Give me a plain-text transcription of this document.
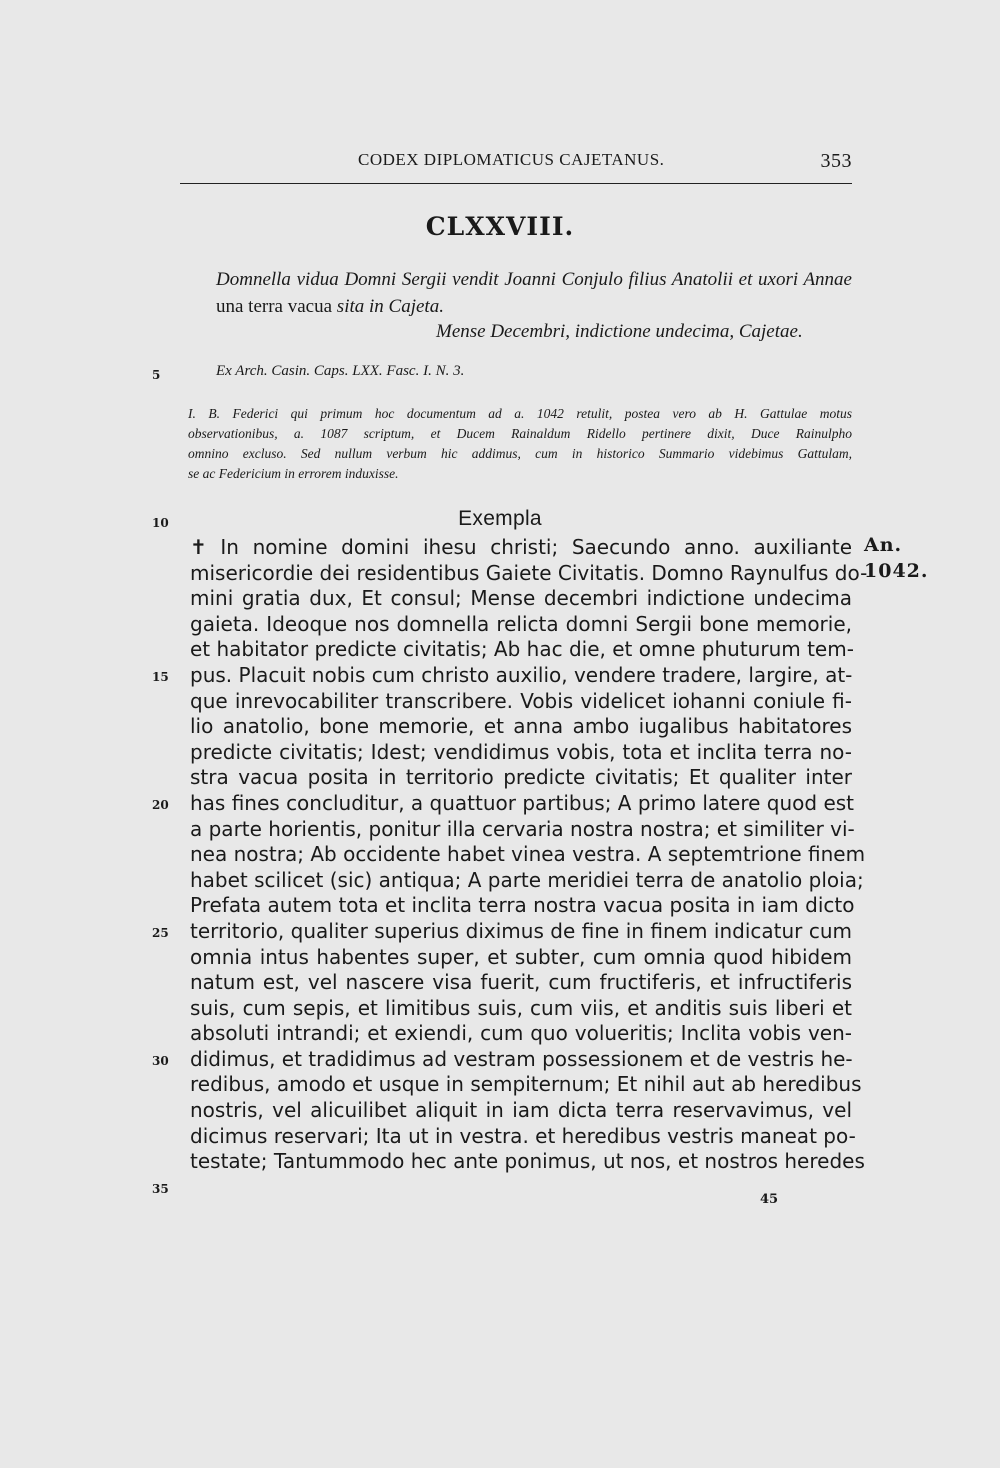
CODEX DIPLOMATICUS CAJETANUS.	353
CLXXVIII.
Domnella vidua Domni Sergii vendit Joanni Conjulo filius Anatolii et uxori Annae una terra vacua sita in Cajeta.
Mense Decembri, indictione undecima, Cajetae.
5	Ex Arch. Casin. Caps. LXX. Fasc. I. N. 3.
I. B. Federici qui primum hoc documentum ad a. 1042 retulit, postea vero ab H. Gattulae motus
observationibus, a. 1087 scriptum, et Ducem Rainaldum Ridello pertinere dixit, Duce Rainulpho
omnino excluso. Sed nullum verbum hic addimus, cum in historico Summario videbimus Gattulam,
se ac Federicium in errorem induxisse.
10	Exempla
An.
1042.
15
20
25
30
35
✝ In nomine domini ihesu christi; Saecundo anno. auxiliante
misericordie dei residentibus Gaiete Civitatis. Domno Raynulfus do-
mini gratia dux, Et consul; Mense decembri indictione undecima
gaieta. Ideoque nos domnella relicta domni Sergii bone memorie,
et habitator predicte civitatis; Ab hac die, et omne phuturum tem-
pus. Placuit nobis cum christo auxilio, vendere tradere, largire, at-
que inrevocabiliter transcribere. Vobis videlicet iohanni coniule fi-
lio anatolio, bone memorie, et anna ambo iugalibus habitatores
predicte civitatis; Idest; vendidimus vobis, tota et inclita terra no-
stra vacua posita in territorio predicte civitatis; Et qualiter inter
has fines concluditur, a quattuor partibus; A primo latere quod est
a parte horientis, ponitur illa cervaria nostra nostra; et similiter vi-
nea nostra; Ab occidente habet vinea vestra. A septemtrione finem
habet scilicet (sic) antiqua; A parte meridiei terra de anatolio ploia;
Prefata autem tota et inclita terra nostra vacua posita in iam dicto
territorio, qualiter superius diximus de fine in finem indicatur cum
omnia intus habentes super, et subter, cum omnia quod hibidem
natum est, vel nascere visa fuerit, cum fructiferis, et infructiferis
suis, cum sepis, et limitibus suis, cum viis, et anditis suis liberi et
absoluti intrandi; et exiendi, cum quo volueritis; Inclita vobis ven-
didimus, et tradidimus ad vestram possessionem et de vestris he-
redibus, amodo et usque in sempiternum; Et nihil aut ab heredibus
nostris, vel alicuilibet aliquit in iam dicta terra reservavimus, vel
dicimus reservari; Ita ut in vestra. et heredibus vestris maneat po-
testate; Tantummodo hec ante ponimus, ut nos, et nostros heredes
45
